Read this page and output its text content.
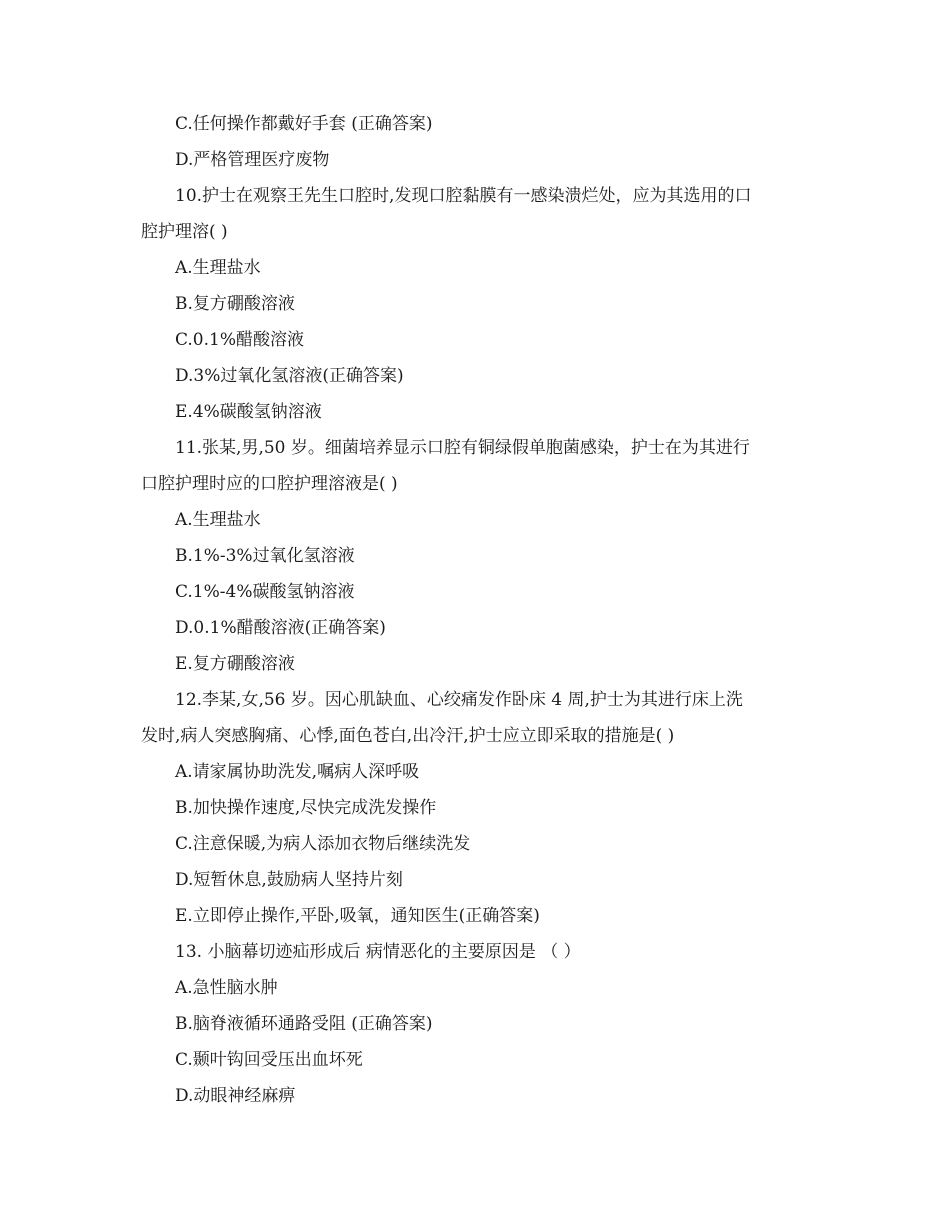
C.任何操作都戴好手套 (正确答案)
D.严格管理医疗废物
10.护士在观察王先生口腔时,发现口腔黏膜有一感染溃烂处，应为其选用的口
腔护理溶( )
A.生理盐水
B.复方硼酸溶液
C.0.1%醋酸溶液
D.3%过氧化氢溶液(正确答案)
E.4%碳酸氢钠溶液
11.张某,男,50 岁。细菌培养显示口腔有铜绿假单胞菌感染，护士在为其进行
口腔护理时应的口腔护理溶液是( )
A.生理盐水
B.1%-3%过氧化氢溶液
C.1%-4%碳酸氢钠溶液
D.0.1%醋酸溶液(正确答案)
E.复方硼酸溶液
12.李某,女,56 岁。因心肌缺血、心绞痛发作卧床 4 周,护士为其进行床上洗
发时,病人突感胸痛、心悸,面色苍白,出冷汗,护士应立即采取的措施是( )
A.请家属协助洗发,嘱病人深呼吸
B.加快操作速度,尽快完成洗发操作
C.注意保暖,为病人添加衣物后继续洗发
D.短暂休息,鼓励病人坚持片刻
E.立即停止操作,平卧,吸氧，通知医生(正确答案)
13. 小脑幕切迹疝形成后 病情恶化的主要原因是 （ ）
A.急性脑水肿
B.脑脊液循环通路受阻 (正确答案)
C.颞叶钩回受压出血坏死
D.动眼神经麻痹
